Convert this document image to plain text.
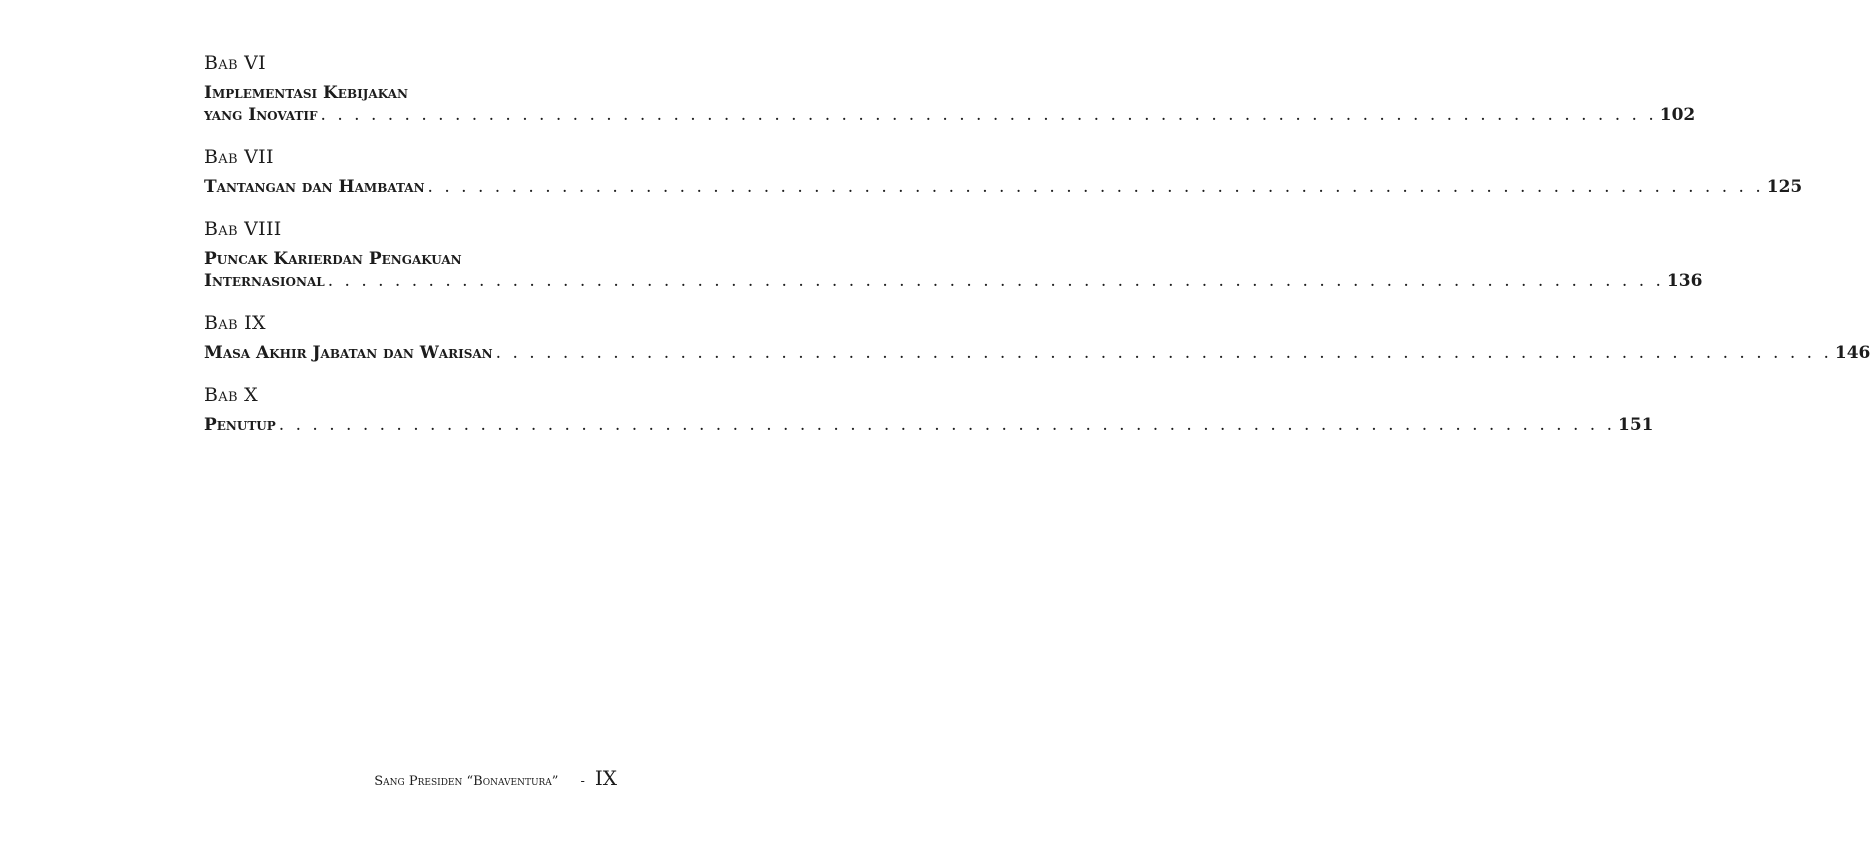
Bab VI
Implementasi Kebijakan
yang Inovatif . . . . . . . . . . . . . . . . . . . . . . . . . . . . . . . . . . . . . . . . . . . . . . . . . . . . . . . . . . . . . . . . . . . . . . . . . . . . . . . . 102
Bab VII
Tantangan dan Hambatan . . . . . . . . . . . . . . . . . . . . . . . . . . . . . . . . . . . . . . . . . . . . . . . . . . . . . . . . . . . . . . . . . . . . . . . . . . . . . . . . 125
Bab VIII
Puncak Karierdan Pengakuan
Internasional . . . . . . . . . . . . . . . . . . . . . . . . . . . . . . . . . . . . . . . . . . . . . . . . . . . . . . . . . . . . . . . . . . . . . . . . . . . . . . . . 136
Bab IX
Masa Akhir Jabatan dan Warisan . . . . . . . . . . . . . . . . . . . . . . . . . . . . . . . . . . . . . . . . . . . . . . . . . . . . . . . . . . . . . . . . . . . . . . . . . . . . . . . . 146
Bab X
Penutup . . . . . . . . . . . . . . . . . . . . . . . . . . . . . . . . . . . . . . . . . . . . . . . . . . . . . . . . . . . . . . . . . . . . . . . . . . . . . . . . 151
Sang Presiden “Bonaventura” - IX
